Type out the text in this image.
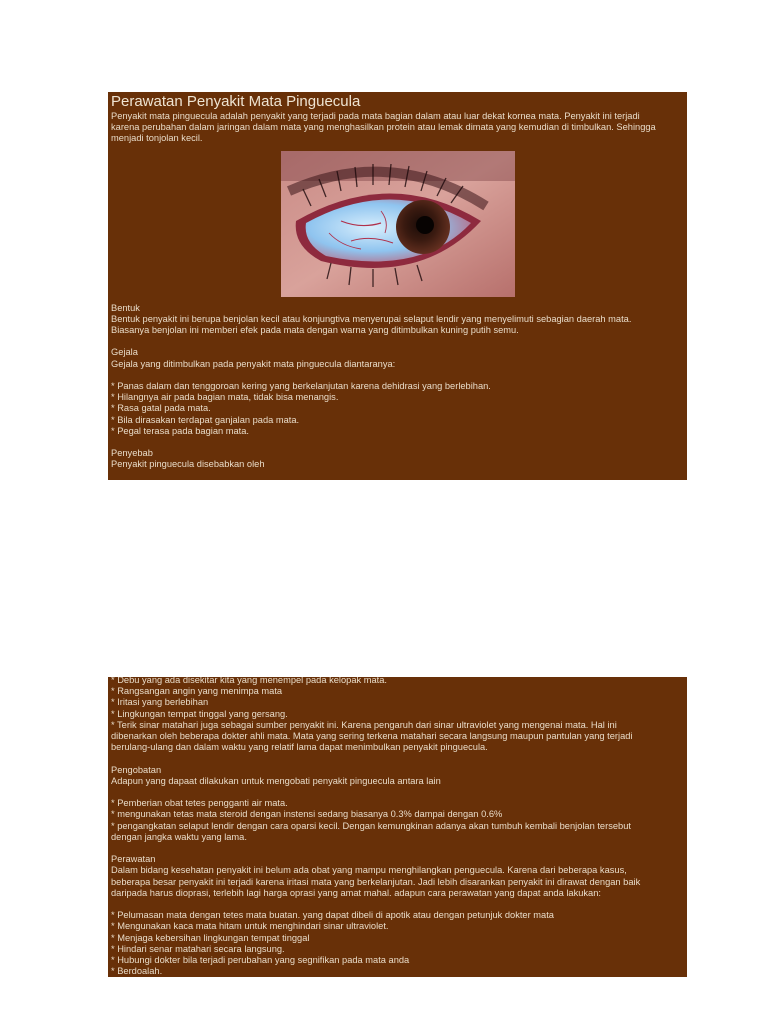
Perawatan Penyakit Mata Pinguecula
Penyakit mata pinguecula adalah penyakit yang terjadi pada mata bagian dalam atau luar dekat kornea mata. Penyakit ini terjadi
karena perubahan dalam jaringan dalam mata yang menghasilkan protein atau lemak dimata yang kemudian di timbulkan. Sehingga
menjadi tonjolan kecil.
Bentuk
Bentuk penyakit ini berupa benjolan kecil atau konjungtiva menyerupai selaput lendir yang menyelimuti sebagian daerah mata.
Biasanya benjolan ini memberi efek pada mata dengan warna yang ditimbulkan kuning putih semu.
Gejala
Gejala yang ditimbulkan pada penyakit mata pinguecula diantaranya:
* Panas dalam dan tenggoroan kering yang berkelanjutan karena dehidrasi yang berlebihan.
* Hilangnya air pada bagian mata, tidak bisa menangis.
* Rasa gatal pada mata.
* Bila dirasakan terdapat ganjalan pada mata.
* Pegal terasa pada bagian mata.
Penyebab
Penyakit pinguecula disebabkan oleh
* Debu yang ada disekitar kita yang menempel pada kelopak mata.
* Rangsangan angin yang menimpa mata
* Iritasi yang berlebihan
* Lingkungan tempat tinggal yang gersang.
* Terik sinar matahari juga sebagai sumber penyakit ini. Karena pengaruh dari sinar ultraviolet yang mengenai mata. Hal ini
dibenarkan oleh beberapa dokter ahli mata. Mata yang sering terkena matahari secara langsung maupun pantulan yang terjadi
berulang-ulang dan dalam waktu yang relatif lama dapat menimbulkan penyakit pinguecula.
Pengobatan
Adapun yang dapaat dilakukan untuk mengobati penyakit pinguecula antara lain
* Pemberian obat tetes pengganti air mata.
* mengunakan tetas mata steroid dengan instensi sedang biasanya 0.3% dampai dengan 0.6%
* pengangkatan selaput lendir dengan cara oparsi kecil. Dengan kemungkinan adanya akan tumbuh kembali benjolan tersebut
dengan jangka waktu yang lama.
Perawatan
Dalam bidang kesehatan penyakit ini belum ada obat yang mampu menghilangkan penguecula. Karena dari beberapa kasus,
beberapa besar penyakit ini terjadi karena iritasi mata yang berkelanjutan. Jadi lebih disarankan penyakit ini dirawat dengan baik
daripada harus dioprasi, terlebih lagi harga oprasi yang amat mahal. adapun cara perawatan yang dapat anda lakukan:
* Pelumasan mata dengan tetes mata buatan. yang dapat dibeli di apotik atau dengan petunjuk dokter mata
* Mengunakan kaca mata hitam untuk menghindari sinar ultraviolet.
* Menjaga kebersihan lingkungan tempat tinggal
* Hindari senar matahari secara langsung.
* Hubungi dokter bila terjadi perubahan yang segnifikan pada mata anda
* Berdoalah.
